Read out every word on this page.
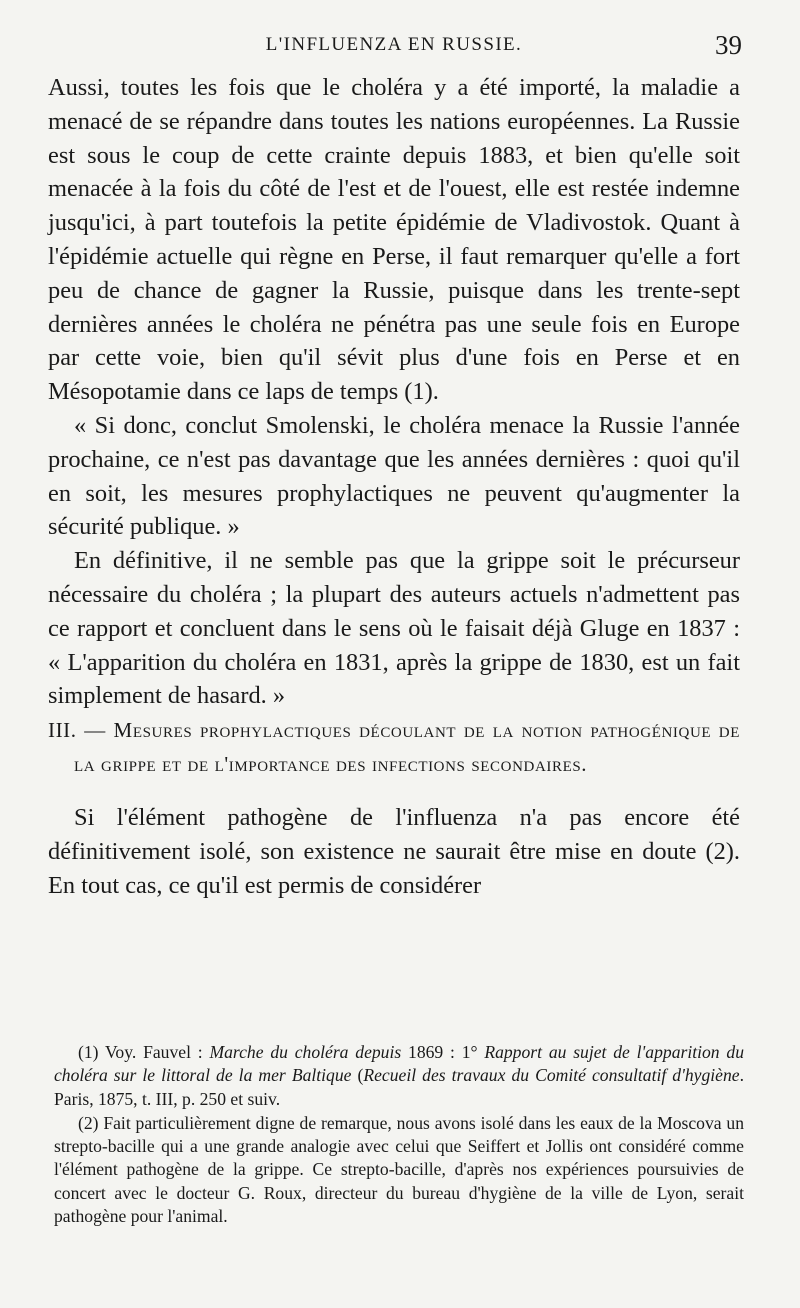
L'INFLUENZA EN RUSSIE.	39

Aussi, toutes les fois que le choléra y a été importé, la maladie a menacé de se répandre dans toutes les nations européennes. La Russie est sous le coup de cette crainte depuis 1883, et bien qu'elle soit menacée à la fois du côté de l'est et de l'ouest, elle est restée indemne jusqu'ici, à part toutefois la petite épidémie de Vladivostok. Quant à l'épidémie actuelle qui règne en Perse, il faut remarquer qu'elle a fort peu de chance de gagner la Russie, puisque dans les trente-sept dernières années le choléra ne pénétra pas une seule fois en Europe par cette voie, bien qu'il sévit plus d'une fois en Perse et en Mésopotamie dans ce laps de temps (1).

« Si donc, conclut Smolenski, le choléra menace la Russie l'année prochaine, ce n'est pas davantage que les années dernières : quoi qu'il en soit, les mesures prophylactiques ne peuvent qu'augmenter la sécurité publique. »

En définitive, il ne semble pas que la grippe soit le précurseur nécessaire du choléra ; la plupart des auteurs actuels n'admettent pas ce rapport et concluent dans le sens où le faisait déjà Gluge en 1837 : « L'apparition du choléra en 1831, après la grippe de 1830, est un fait simplement de hasard. »

III. — Mesures prophylactiques découlant de la notion pathogénique de la grippe et de l'importance des infections secondaires.

Si l'élément pathogène de l'influenza n'a pas encore été définitivement isolé, son existence ne saurait être mise en doute (2). En tout cas, ce qu'il est permis de considérer

(1) Voy. Fauvel : Marche du choléra depuis 1869 : 1° Rapport au sujet de l'apparition du choléra sur le littoral de la mer Baltique (Recueil des travaux du Comité consultatif d'hygiène. Paris, 1875, t. III, p. 250 et suiv.

(2) Fait particulièrement digne de remarque, nous avons isolé dans les eaux de la Moscova un strepto-bacille qui a une grande analogie avec celui que Seiffert et Jollis ont considéré comme l'élément pathogène de la grippe. Ce strepto-bacille, d'après nos expériences poursuivies de concert avec le docteur G. Roux, directeur du bureau d'hygiène de la ville de Lyon, serait pathogène pour l'animal.
